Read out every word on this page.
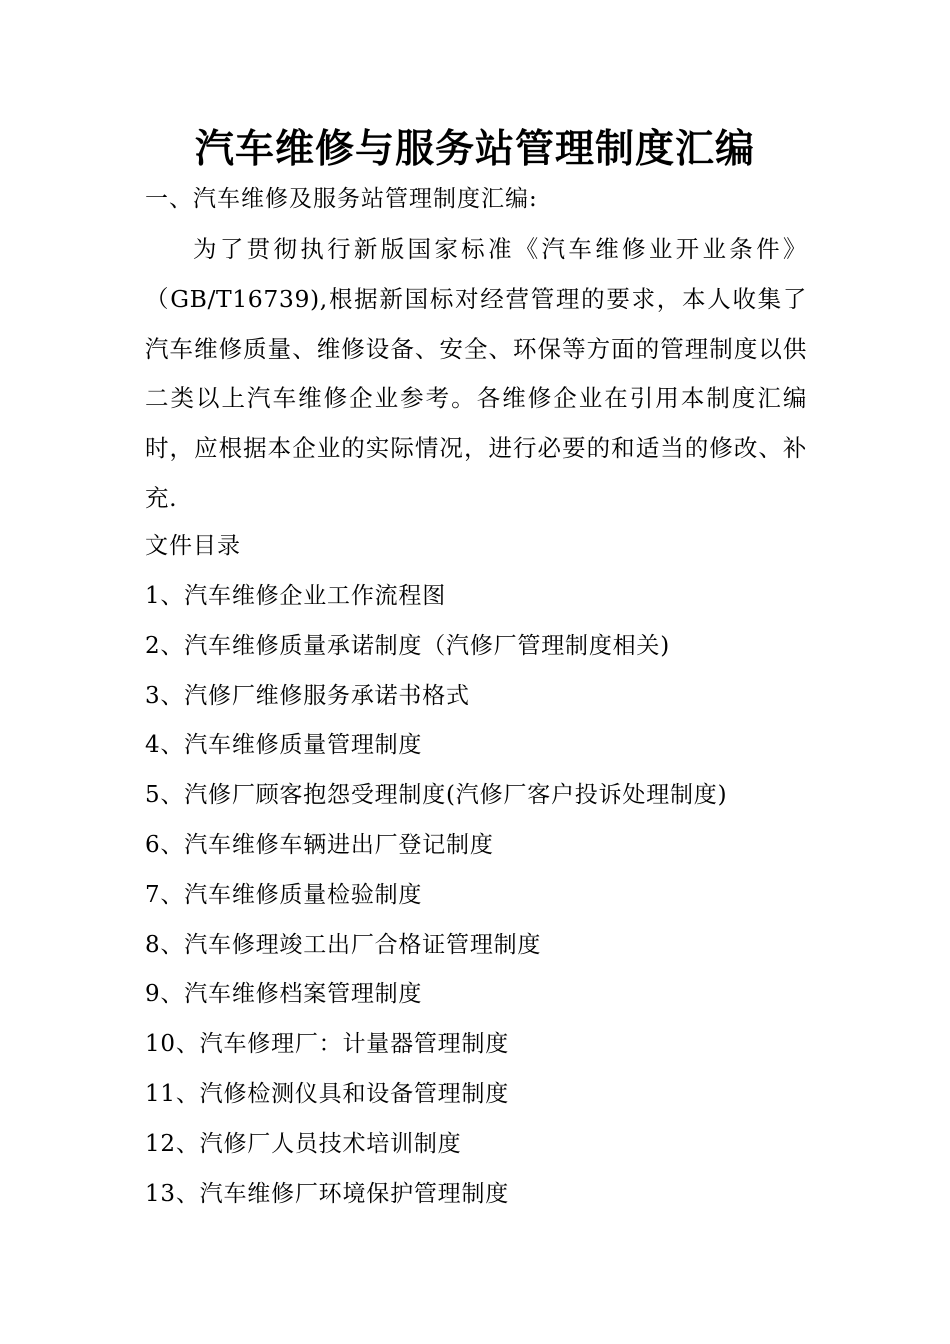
汽车维修与服务站管理制度汇编
一、汽车维修及服务站管理制度汇编:

为了贯彻执行新版国家标准《汽车维修业开业条件》（GB/T16739),根据新国标对经营管理的要求，本人收集了汽车维修质量、维修设备、安全、环保等方面的管理制度以供二类以上汽车维修企业参考。各维修企业在引用本制度汇编时，应根据本企业的实际情况，进行必要的和适当的修改、补充.

文件目录
1、汽车维修企业工作流程图
2、汽车维修质量承诺制度（汽修厂管理制度相关)
3、汽修厂维修服务承诺书格式
4、汽车维修质量管理制度
5、汽修厂顾客抱怨受理制度(汽修厂客户投诉处理制度)
6、汽车维修车辆进出厂登记制度
7、汽车维修质量检验制度
8、汽车修理竣工出厂合格证管理制度
9、汽车维修档案管理制度
10、汽车修理厂：计量器管理制度
11、汽修检测仪具和设备管理制度
12、汽修厂人员技术培训制度
13、汽车维修厂环境保护管理制度
